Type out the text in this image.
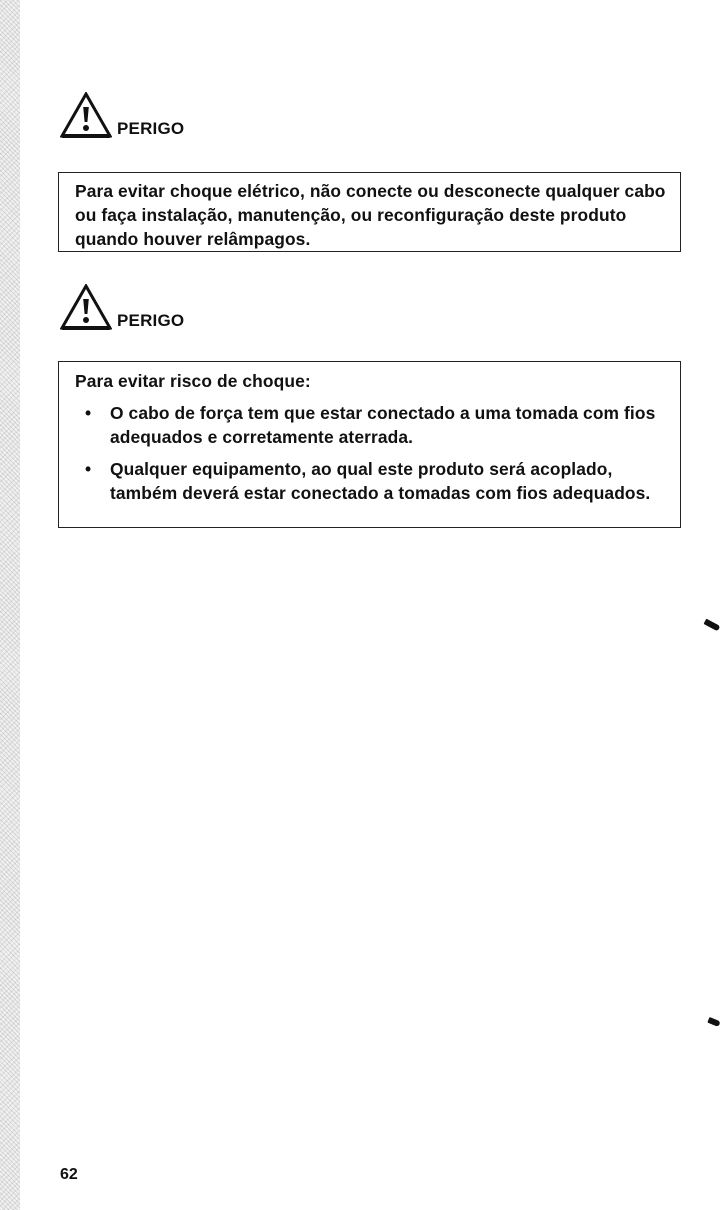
PERIGO

Para evitar choque elétrico, não conecte ou desconecte qualquer cabo ou faça instalação, manutenção, ou reconfiguração deste produto quando houver relâmpagos.

PERIGO

Para evitar risco de choque:

•	O cabo de força tem que estar conectado a uma tomada com fios adequados e corretamente aterrada.
•	Qualquer equipamento, ao qual este produto será acoplado, também deverá estar conectado a tomadas com fios adequados.
62
